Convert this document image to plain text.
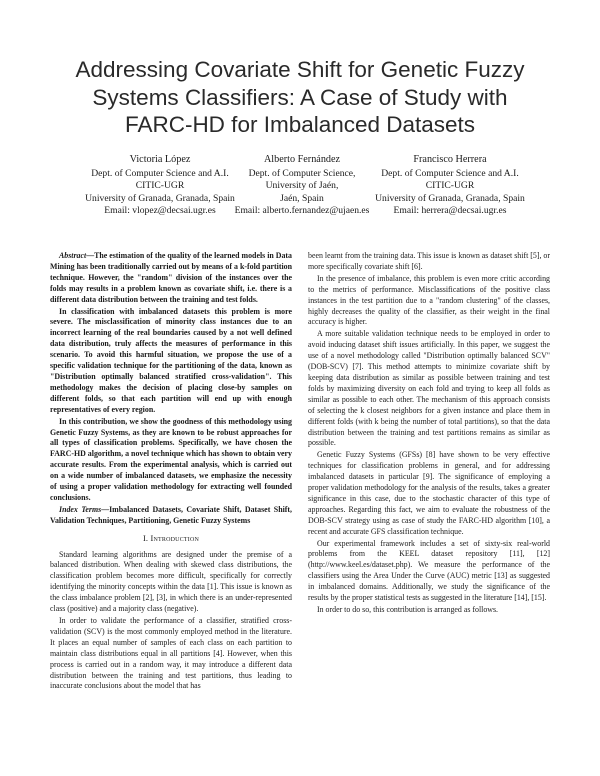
Addressing Covariate Shift for Genetic Fuzzy
Systems Classifiers: A Case of Study with
FARC-HD for Imbalanced Datasets
Victoria López
Dept. of Computer Science and A.I.
CITIC-UGR
University of Granada, Granada, Spain
Email: vlopez@decsai.ugr.es
Alberto Fernández
Dept. of Computer Science,
University of Jaén,
Jaén, Spain
Email: alberto.fernandez@ujaen.es
Francisco Herrera
Dept. of Computer Science and A.I.
CITIC-UGR
University of Granada, Granada, Spain
Email: herrera@decsai.ugr.es

Abstract—The estimation of the quality of the learned models in Data Mining has been traditionally carried out by means of a k-fold partition technique. However, the "random" division of the instances over the folds may results in a problem known as covariate shift, i.e. there is a different data distribution between the training and test folds.

In classification with imbalanced datasets this problem is more severe. The misclassification of minority class instances due to an incorrect learning of the real boundaries caused by a not well defined data distribution, truly affects the measures of performance in this scenario. To avoid this harmful situation, we propose the use of a specific validation technique for the partitioning of the data, known as "Distribution optimally balanced stratified cross-validation". This methodology makes the decision of placing close-by samples on different folds, so that each partition will end up with enough representatives of every region.

In this contribution, we show the goodness of this methodology using Genetic Fuzzy Systems, as they are known to be robust approaches for all types of classification problems. Specifically, we have chosen the FARC-HD algorithm, a novel technique which has shown to obtain very accurate results. From the experimental analysis, which is carried out on a wide number of imbalanced datasets, we emphasize the necessity of using a proper validation methodology for extracting well founded conclusions.

Index Terms—Imbalanced Datasets, Covariate Shift, Dataset Shift, Validation Techniques, Partitioning, Genetic Fuzzy Systems

I. Introduction

Standard learning algorithms are designed under the premise of a balanced distribution. When dealing with skewed class distributions, the classification problem becomes more difficult, specifically for correctly identifying the minority concepts within the data [1]. This issue is known as the class imbalance problem [2], [3], in which there is an under-represented class (positive) and a majority class (negative).

In order to validate the performance of a classifier, stratified cross-validation (SCV) is the most commonly employed method in the literature. It places an equal number of samples of each class on each partition to maintain class distributions equal in all partitions [4]. However, when this process is carried out in a random way, it may introduce a different data distribution between the training and test partitions, thus leading to inaccurate conclusions about the model that has

been learnt from the training data. This issue is known as dataset shift [5], or more specifically covariate shift [6].

In the presence of imbalance, this problem is even more critic according to the metrics of performance. Misclassifications of the positive class instances in the test partition due to a "random clustering" of the classes, highly decreases the quality of the classifier, as their weight in the final accuracy is higher.

A more suitable validation technique needs to be employed in order to avoid inducing dataset shift issues artificially. In this paper, we suggest the use of a novel methodology called "Distribution optimally balanced SCV" (DOB-SCV) [7]. This method attempts to minimize covariate shift by keeping data distribution as similar as possible between training and test folds by maximizing diversity on each fold and trying to keep all folds as similar as possible to each other. The mechanism of this approach consists of selecting the k closest neighbors for a given instance and place them in different folds (with k being the number of total partitions), so that the data distribution between the training and test partitions remains as similar as possible.

Genetic Fuzzy Systems (GFSs) [8] have shown to be very effective techniques for classification problems in general, and for addressing imbalanced datasets in particular [9]. The significance of employing a proper validation methodology for the analysis of the results, takes a greater significance in this case, due to the stochastic character of this type of approaches. Regarding this fact, we aim to evaluate the robustness of the DOB-SCV strategy using as case of study the FARC-HD algorithm [10], a recent and accurate GFS classification technique.

Our experimental framework includes a set of sixty-six real-world problems from the KEEL dataset repository [11], [12] (http://www.keel.es/dataset.php). We measure the performance of the classifiers using the Area Under the Curve (AUC) metric [13] as suggested in imbalanced domains. Additionally, we study the significance of the results by the proper statistical tests as suggested in the literature [14], [15].

In order to do so, this contribution is arranged as follows.
